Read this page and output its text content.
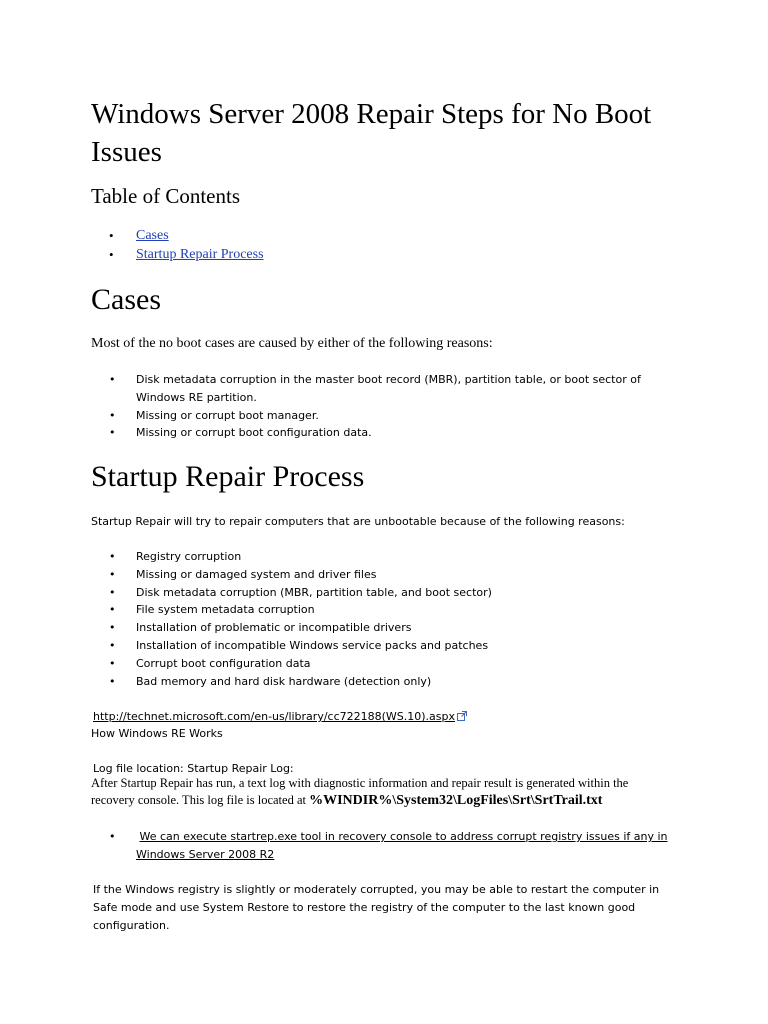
Windows Server 2008 Repair Steps for No Boot Issues
Table of Contents
• Cases
• Startup Repair Process
Cases
Most of the no boot cases are caused by either of the following reasons:
• Disk metadata corruption in the master boot record (MBR), partition table, or boot sector of Windows RE partition.
• Missing or corrupt boot manager.
• Missing or corrupt boot configuration data.
Startup Repair Process
Startup Repair will try to repair computers that are unbootable because of the following reasons:
• Registry corruption
• Missing or damaged system and driver files
• Disk metadata corruption (MBR, partition table, and boot sector)
• File system metadata corruption
• Installation of problematic or incompatible drivers
• Installation of incompatible Windows service packs and patches
• Corrupt boot configuration data
• Bad memory and hard disk hardware (detection only)
http://technet.microsoft.com/en-us/library/cc722188(WS.10).aspx
How Windows RE Works
Log file location: Startup Repair Log:
After Startup Repair has run, a text log with diagnostic information and repair result is generated within the recovery console. This log file is located at %WINDIR%\System32\LogFiles\Srt\SrtTrail.txt
• We can execute startrep.exe tool in recovery console to address corrupt registry issues if any in Windows Server 2008 R2
If the Windows registry is slightly or moderately corrupted, you may be able to restart the computer in Safe mode and use System Restore to restore the registry of the computer to the last known good configuration.
